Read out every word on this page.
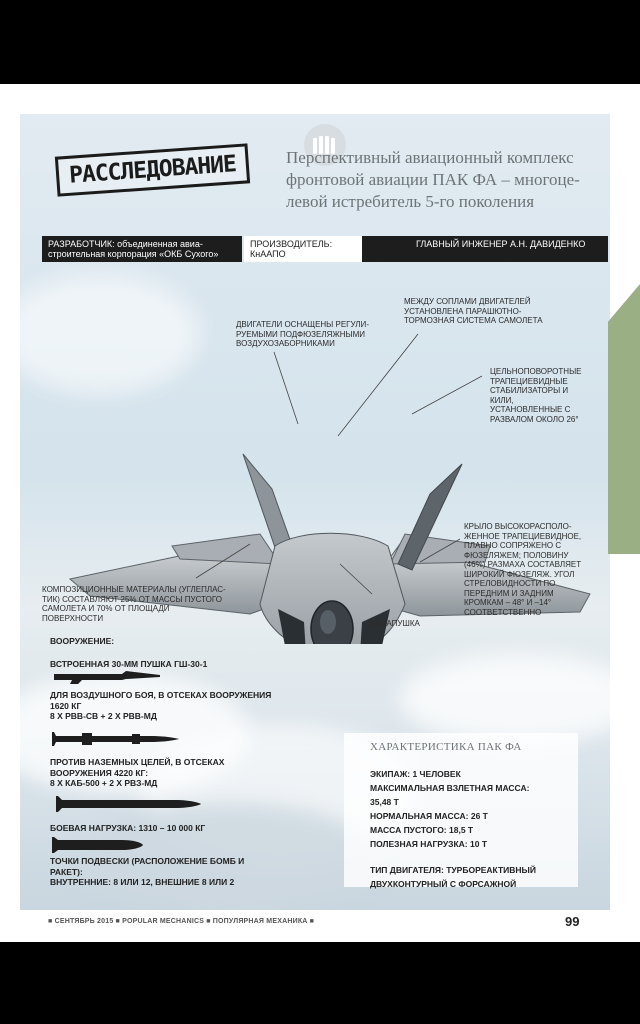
РАССЛЕДОВАНИЕ	Перспективный авиационный комплекс фронтовой авиации ПАК ФА – многоцелевой истребитель 5-го поколения
РАЗРАБОТЧИК: объединенная авиастроительная корпорация «ОКБ Сухого»
ПРОИЗВОДИТЕЛЬ: КнААПО
ГЛАВНЫЙ ИНЖЕНЕР А.Н. ДАВИДЕНКО
ДВИГАТЕЛИ ОСНАЩЕНЫ РЕГУЛИРУЕМЫМИ ПОДФЮЗЕЛЯЖНЫМИ ВОЗДУХОЗАБОРНИКАМИ
МЕЖДУ СОПЛАМИ ДВИГАТЕЛЕЙ УСТАНОВЛЕНА ПАРАШЮТНО-ТОРМОЗНАЯ СИСТЕМА САМОЛЕТА
ЦЕЛЬНОПОВОРОТНЫЕ ТРАПЕЦИЕВИДНЫЕ СТАБИЛИЗАТОРЫ И КИЛИ, УСТАНОВЛЕННЫЕ С РАЗВАЛОМ ОКОЛО 26°
КРЫЛО ВЫСОКОРАСПОЛОЖЕННОЕ ТРАПЕЦИЕВИДНОЕ, ПЛАВНО СОПРЯЖЕНО С ФЮЗЕЛЯЖЕМ; ПОЛОВИНУ (46%) РАЗМАХА СОСТАВЛЯЕТ ШИРОКИЙ ФЮЗЕЛЯЖ. УГОЛ СТРЕЛОВИДНОСТИ ПО ПЕРЕДНИМ И ЗАДНИМ КРОМКАМ – 48° И –14° СООТВЕТСТВЕННО
КОМПОЗИЦИОННЫЕ МАТЕРИАЛЫ (УГЛЕПЛАСТИК) СОСТАВЛЯЮТ 25% ОТ МАССЫ ПУСТОГО САМОЛЕТА И 70% ОТ ПЛОЩАДИ ПОВЕРХНОСТИ
АВИАПУШКА
ВООРУЖЕНИЕ:
ВСТРОЕННАЯ 30-ММ ПУШКА ГШ-30-1
ДЛЯ ВОЗДУШНОГО БОЯ, В ОТСЕКАХ ВООРУЖЕНИЯ 1620 КГ
8 Х РВВ-СВ + 2 Х РВВ-МД
ПРОТИВ НАЗЕМНЫХ ЦЕЛЕЙ, В ОТСЕКАХ ВООРУЖЕНИЯ 4220 КГ:
8 Х КАБ-500 + 2 Х РВЗ-МД
БОЕВАЯ НАГРУЗКА: 1310 – 10 000 КГ
ТОЧКИ ПОДВЕСКИ (РАСПОЛОЖЕНИЕ БОМБ И РАКЕТ):
ВНУТРЕННИЕ: 8 ИЛИ 12, ВНЕШНИЕ 8 ИЛИ 2
ХАРАКТЕРИСТИКА ПАК ФА
ЭКИПАЖ: 1 ЧЕЛОВЕК
МАКСИМАЛЬНАЯ ВЗЛЕТНАЯ МАССА: 35,48 Т
НОРМАЛЬНАЯ МАССА: 26 Т
МАССА ПУСТОГО: 18,5 Т
ПОЛЕЗНАЯ НАГРУЗКА: 10 Т
ТИП ДВИГАТЕЛЯ: ТУРБОРЕАКТИВНЫЙ ДВУХКОНТУРНЫЙ С ФОРСАЖНОЙ
■ СЕНТЯБРЬ 2015 ■ POPULAR MECHANICS ■ ПОПУЛЯРНАЯ МЕХАНИКА ■	99
